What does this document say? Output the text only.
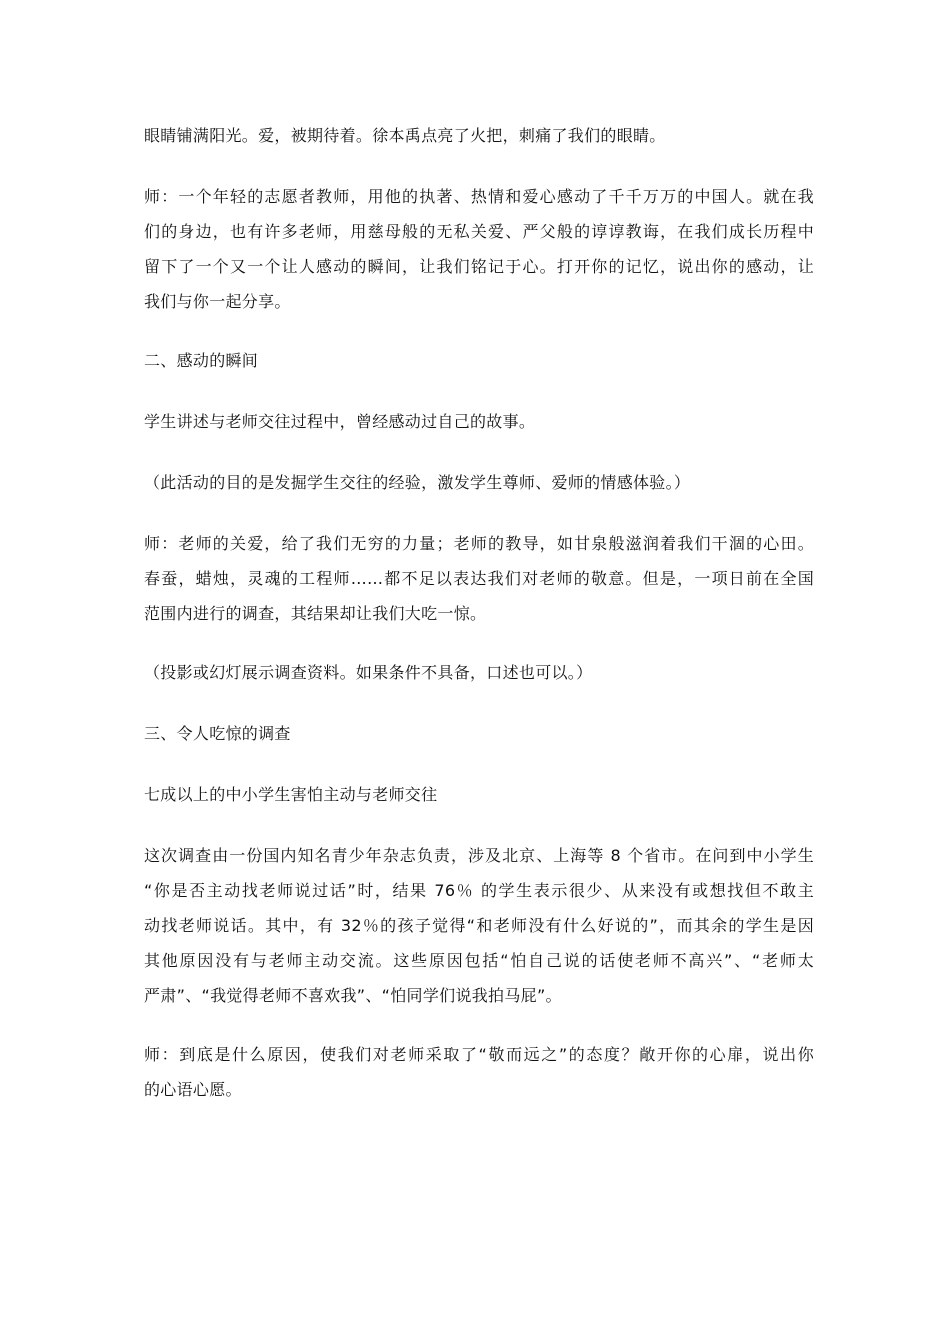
眼睛铺满阳光。爱，被期待着。徐本禹点亮了火把，刺痛了我们的眼睛。

师：一个年轻的志愿者教师，用他的执著、热情和爱心感动了千千万万的中国人。就在我
们的身边，也有许多老师，用慈母般的无私关爱、严父般的谆谆教诲，在我们成长历程中
留下了一个又一个让人感动的瞬间，让我们铭记于心。打开你的记忆，说出你的感动，让
我们与你一起分享。

二、感动的瞬间

学生讲述与老师交往过程中，曾经感动过自己的故事。

（此活动的目的是发掘学生交往的经验，激发学生尊师、爱师的情感体验。）

师：老师的关爱，给了我们无穷的力量；老师的教导，如甘泉般滋润着我们干涸的心田。
春蚕，蜡烛，灵魂的工程师……都不足以表达我们对老师的敬意。但是，一项日前在全国
范围内进行的调查，其结果却让我们大吃一惊。

（投影或幻灯展示调查资料。如果条件不具备，口述也可以。）

三、令人吃惊的调查

七成以上的中小学生害怕主动与老师交往

这次调查由一份国内知名青少年杂志负责，涉及北京、上海等 8 个省市。在问到中小学生
“你是否主动找老师说过话”时，结果 76％ 的学生表示很少、从来没有或想找但不敢主
动找老师说话。其中，有 32％的孩子觉得“和老师没有什么好说的”，而其余的学生是因
其他原因没有与老师主动交流。这些原因包括“怕自己说的话使老师不高兴”、“老师太
严肃”、“我觉得老师不喜欢我”、“怕同学们说我拍马屁”。

师：到底是什么原因，使我们对老师采取了“敬而远之”的态度？敞开你的心扉，说出你
的心语心愿。
